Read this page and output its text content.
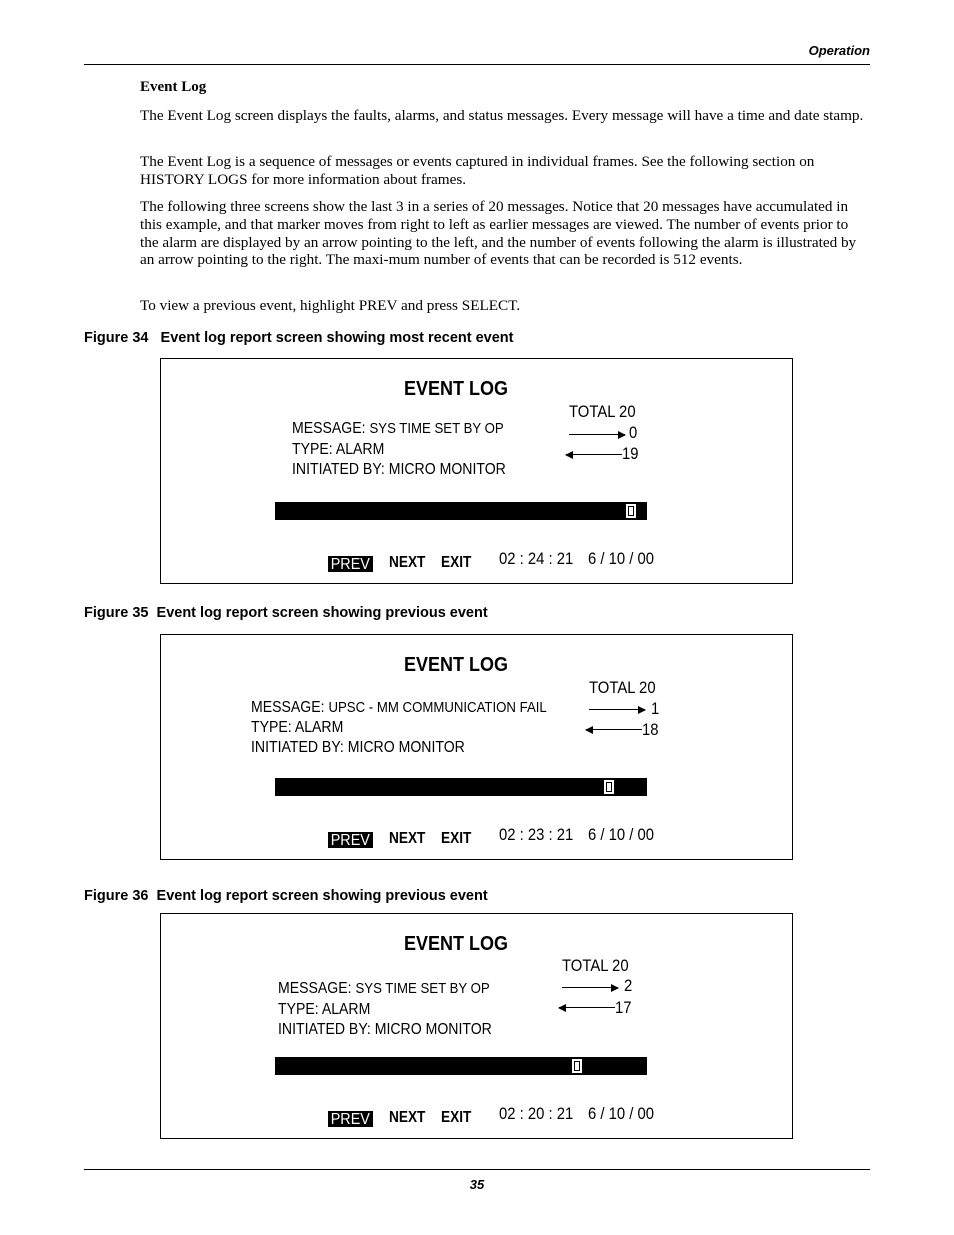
Operation
Event Log

The Event Log screen displays the faults, alarms, and status messages. Every message will have a time and date stamp.

The Event Log is a sequence of messages or events captured in individual frames. See the following section on HISTORY LOGS for more information about frames.

The following three screens show the last 3 in a series of 20 messages. Notice that 20 messages have accumulated in this example, and that marker moves from right to left as earlier messages are viewed. The number of events prior to the alarm are displayed by an arrow pointing to the left, and the number of events following the alarm is illustrated by an arrow pointing to the right. The maxi-mum number of events that can be recorded is 512 events.

To view a previous event, highlight PREV and press SELECT.

Figure 34   Event log report screen showing most recent event
EVENT LOG
TOTAL 20
MESSAGE: SYS TIME SET BY OP	0
TYPE: ALARM	19
INITIATED BY: MICRO MONITOR
PREV NEXT EXIT 02 : 24 : 21 6 / 10 / 00
Figure 35  Event log report screen showing previous event
EVENT LOG
TOTAL 20
MESSAGE: UPSC - MM COMMUNICATION FAIL	1
TYPE: ALARM	18
INITIATED BY: MICRO MONITOR
PREV NEXT EXIT 02 : 23 : 21 6 / 10 / 00
Figure 36  Event log report screen showing previous event
EVENT LOG
TOTAL 20
MESSAGE: SYS TIME SET BY OP	2
TYPE: ALARM	17
INITIATED BY: MICRO MONITOR
PREV NEXT EXIT 02 : 20 : 21 6 / 10 / 00
35
